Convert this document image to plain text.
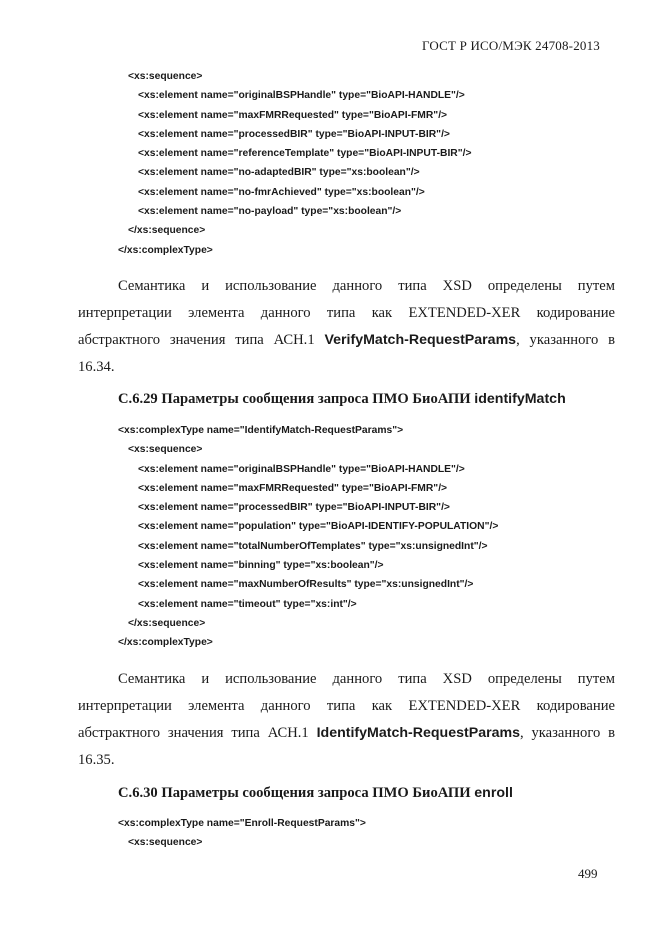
ГОСТ Р ИСО/МЭК 24708-2013
<xs:sequence>
<xs:element name="originalBSPHandle" type="BioAPI-HANDLE"/>
<xs:element name="maxFMRRequested" type="BioAPI-FMR"/>
<xs:element name="processedBIR" type="BioAPI-INPUT-BIR"/>
<xs:element name="referenceTemplate" type="BioAPI-INPUT-BIR"/>
<xs:element name="no-adaptedBIR" type="xs:boolean"/>
<xs:element name="no-fmrAchieved" type="xs:boolean"/>
<xs:element name="no-payload" type="xs:boolean"/>
</xs:sequence>
</xs:complexType>

Семантика и использование данного типа XSD определены путем интерпретации элемента данного типа как EXTENDED-XER кодирование абстрактного значения типа АСН.1 VerifyMatch-RequestParams, указанного в 16.34.

С.6.29 Параметры сообщения запроса ПМО БиоАПИ identifyMatch
<xs:complexType name="IdentifyMatch-RequestParams">
<xs:sequence>
<xs:element name="originalBSPHandle" type="BioAPI-HANDLE"/>
<xs:element name="maxFMRRequested" type="BioAPI-FMR"/>
<xs:element name="processedBIR" type="BioAPI-INPUT-BIR"/>
<xs:element name="population" type="BioAPI-IDENTIFY-POPULATION"/>
<xs:element name="totalNumberOfTemplates" type="xs:unsignedInt"/>
<xs:element name="binning" type="xs:boolean"/>
<xs:element name="maxNumberOfResults" type="xs:unsignedInt"/>
<xs:element name="timeout" type="xs:int"/>
</xs:sequence>
</xs:complexType>

Семантика и использование данного типа XSD определены путем интерпретации элемента данного типа как EXTENDED-XER кодирование абстрактного значения типа АСН.1 IdentifyMatch-RequestParams, указанного в 16.35.

С.6.30 Параметры сообщения запроса ПМО БиоАПИ enroll
<xs:complexType name="Enroll-RequestParams">
<xs:sequence>
499
